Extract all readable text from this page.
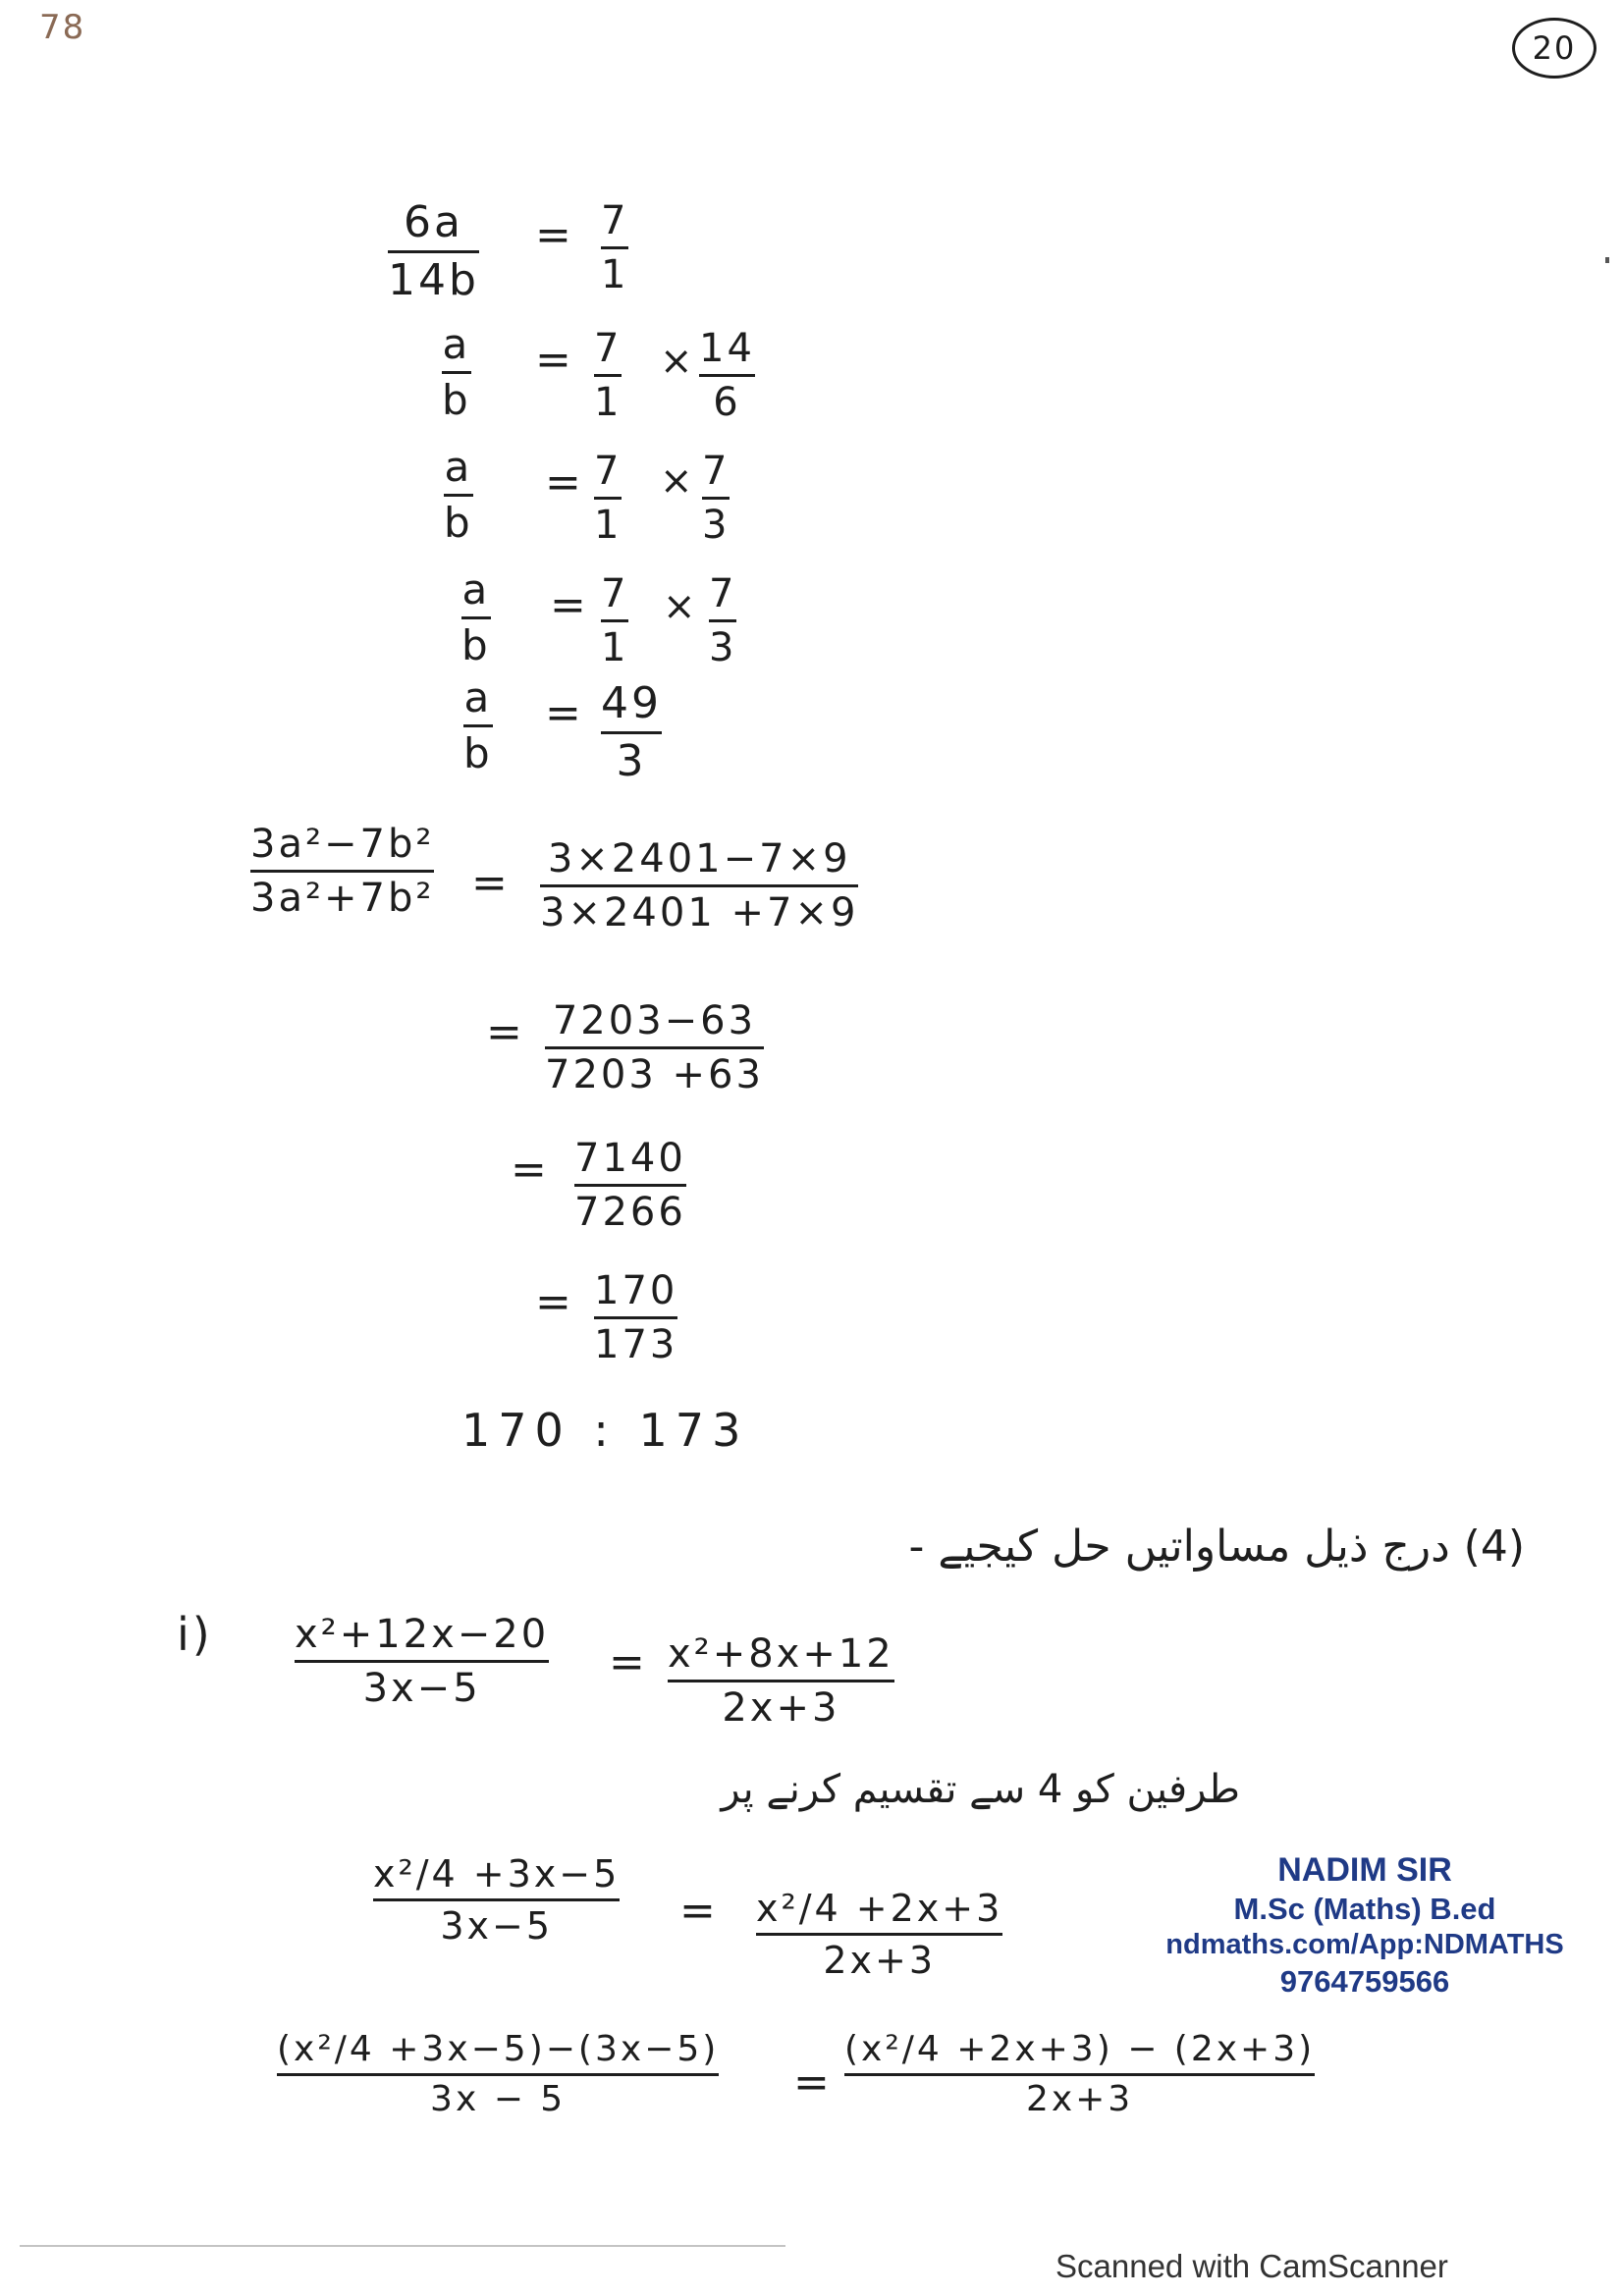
78
20
6a
14b
= 7
1
a
b
= 7
1
× 14
6
a
b
= 7
1
× 7
3
a
b
= 7
1
× 7
3
a
b
= 49
3
3a²−7b²
3a²+7b² = 3×2401−7×9
3×2401 +7×9
= 7203−63
7203 +63
= 7140
7266
= 170
173
170 : 173
(4) درج ذیل مساواتیں حل کیجیے -
i) x²+12x−20
3x−5
= x²+8x+12
2x+3
طرفین کو 4 سے تقسیم کرنے پر
x²/4 +3x−5
3x−5	= x²/4 +2x+3
2x+3
(x²/4 +3x−5)−(3x−5)
3x − 5	=
(x²/4 +2x+3) − (2x+3)
2x+3
NADIM SIR
M.Sc (Maths) B.ed
ndmaths.com/App:NDMATHS
9764759566
Scanned with CamScanner
